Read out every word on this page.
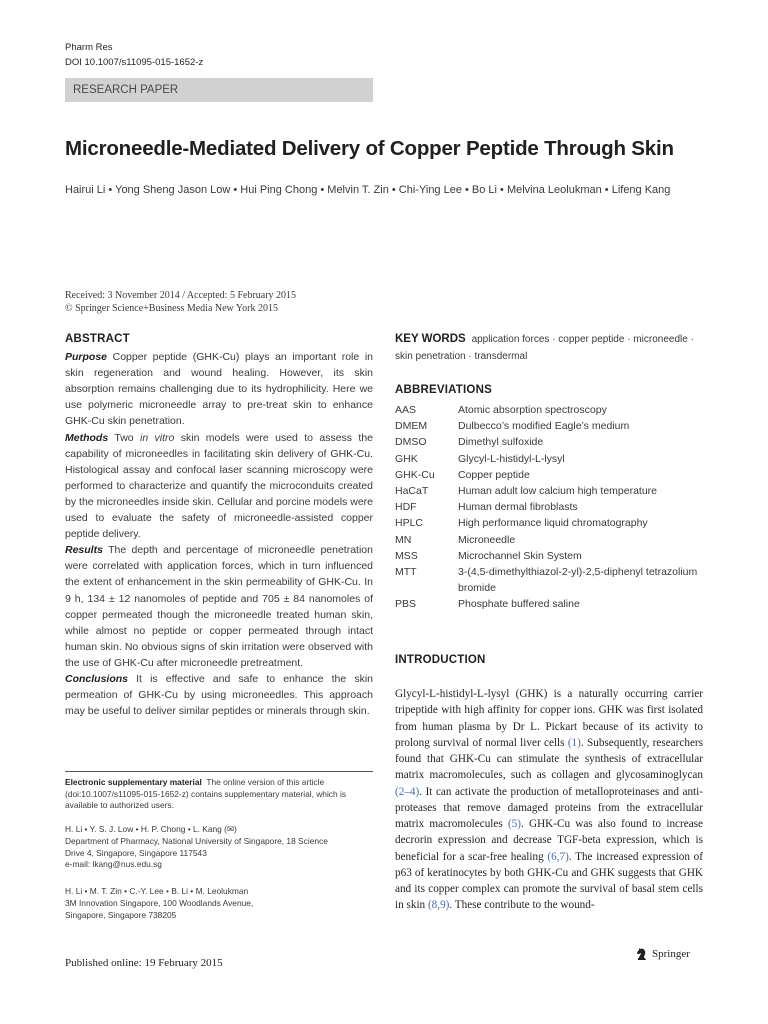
Pharm Res
DOI 10.1007/s11095-015-1652-z
RESEARCH PAPER
Microneedle-Mediated Delivery of Copper Peptide Through Skin
Hairui Li • Yong Sheng Jason Low • Hui Ping Chong • Melvin T. Zin • Chi-Ying Lee • Bo Li • Melvina Leolukman • Lifeng Kang
Received: 3 November 2014 / Accepted: 5 February 2015
© Springer Science+Business Media New York 2015
ABSTRACT

Purpose Copper peptide (GHK-Cu) plays an important role in skin regeneration and wound healing. However, its skin absorption remains challenging due to its hydrophilicity. Here we use polymeric microneedle array to pre-treat skin to enhance GHK-Cu skin penetration.

Methods Two in vitro skin models were used to assess the capability of microneedles in facilitating skin delivery of GHK-Cu. Histological assay and confocal laser scanning microscopy were performed to characterize and quantify the microconduits created by the microneedles inside skin. Cellular and porcine models were used to evaluate the safety of microneedle-assisted copper peptide delivery.

Results The depth and percentage of microneedle penetration were correlated with application forces, which in turn influenced the extent of enhancement in the skin permeability of GHK-Cu. In 9 h, 134 ± 12 nanomoles of peptide and 705 ± 84 nanomoles of copper permeated though the microneedle treated human skin, while almost no peptide or copper permeated through intact human skin. No obvious signs of skin irritation were observed with the use of GHK-Cu after microneedle pretreatment.

Conclusions It is effective and safe to enhance the skin permeation of GHK-Cu by using microneedles. This approach may be useful to deliver similar peptides or minerals through skin.

Electronic supplementary material The online version of this article (doi:10.1007/s11095-015-1652-z) contains supplementary material, which is available to authorized users.
H. Li • Y. S. J. Low • H. P. Chong • L. Kang (✉)
Department of Pharmacy, National University of Singapore, 18 Science
Drive 4, Singapore, Singapore 117543
e-mail: lkang@nus.edu.sg
H. Li • M. T. Zin • C.-Y. Lee • B. Li • M. Leolukman
3M Innovation Singapore, 100 Woodlands Avenue,
Singapore, Singapore 738205
Published online: 19 February 2015
KEY WORDS application forces · copper peptide · microneedle · skin penetration · transdermal
ABBREVIATIONS
AAS	Atomic absorption spectroscopy
DMEM	Dulbecco’s modified Eagle’s medium
DMSO	Dimethyl sulfoxide
GHK	Glycyl-L-histidyl-L-lysyl
GHK-Cu	Copper peptide
HaCaT	Human adult low calcium high temperature
HDF	Human dermal fibroblasts
HPLC	High performance liquid chromatography
MN	Microneedle
MSS	Microchannel Skin System
MTT	3-(4,5-dimethylthiazol-2-yl)-2,5-diphenyl tetrazolium bromide
PBS	Phosphate buffered saline
INTRODUCTION
Glycyl-L-histidyl-L-lysyl (GHK) is a naturally occurring carrier tripeptide with high affinity for copper ions. GHK was first isolated from human plasma by Dr L. Pickart because of its activity to prolong survival of normal liver cells (1). Subsequently, researchers found that GHK-Cu can stimulate the synthesis of extracellular matrix macromolecules, such as collagen and glycosaminoglycan (2–4). It can activate the production of metalloproteinases and anti-proteases that remove damaged proteins from the extracellular matrix macromolecules (5). GHK-Cu was also found to increase decrorin expression and decrease TGF-beta expression, which is beneficial for a scar-free healing (6,7). The increased expression of p63 of keratinocytes by both GHK-Cu and GHK suggests that GHK and its copper complex can promote the survival of basal stem cells in skin (8,9). These contribute to the wound-
Springer
